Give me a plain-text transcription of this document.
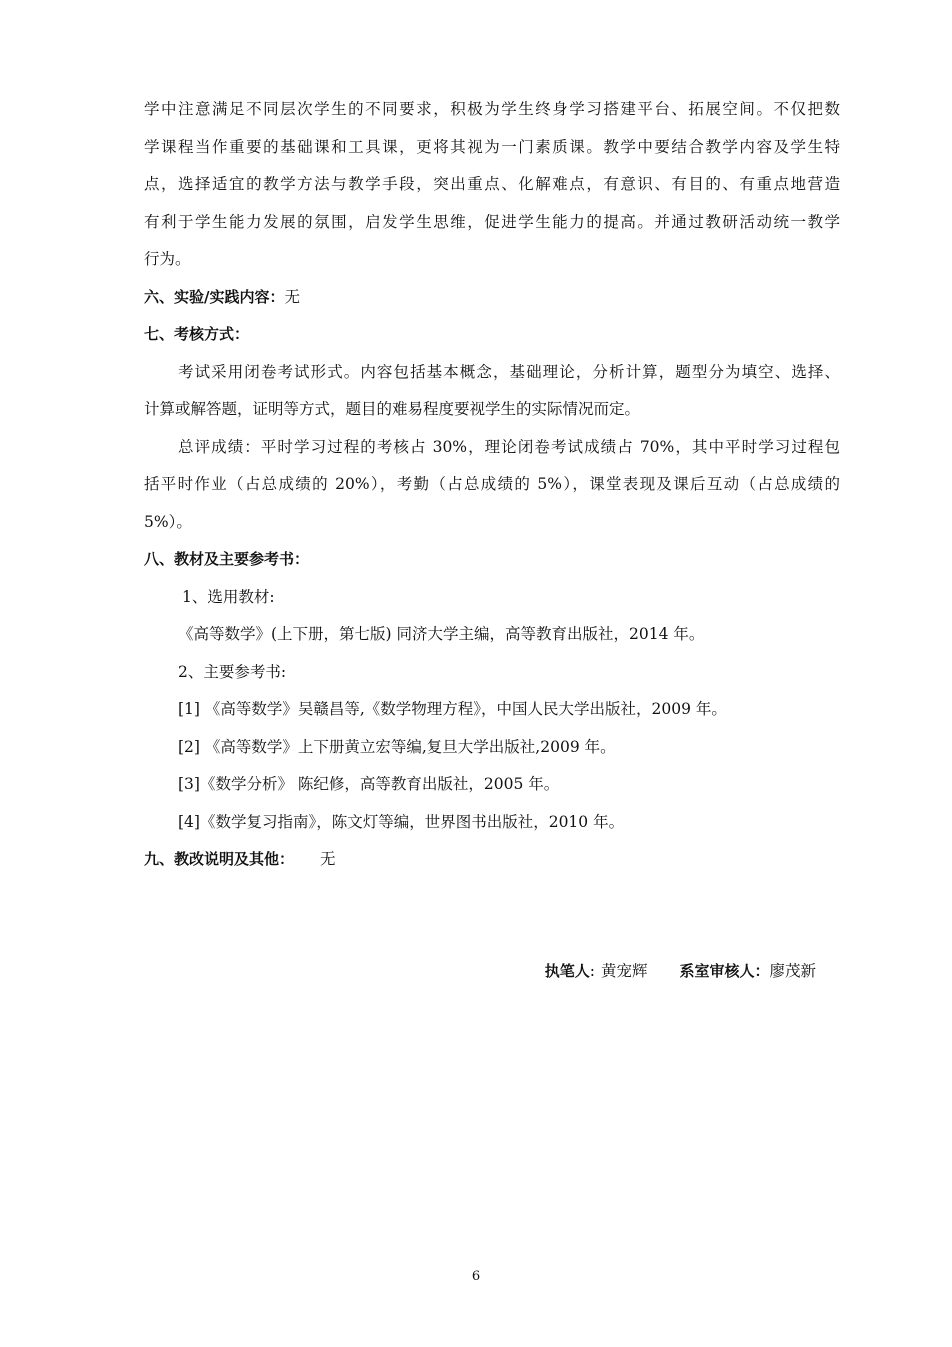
学中注意满足不同层次学生的不同要求，积极为学生终身学习搭建平台、拓展空间。不仅把数
学课程当作重要的基础课和工具课，更将其视为一门素质课。教学中要结合教学内容及学生特
点，选择适宜的教学方法与教学手段，突出重点、化解难点，有意识、有目的、有重点地营造
有利于学生能力发展的氛围，启发学生思维，促进学生能力的提高。并通过教研活动统一教学
行为。
六、实验/实践内容：无
七、考核方式：
考试采用闭卷考试形式。内容包括基本概念，基础理论，分析计算，题型分为填空、选择、
计算或解答题，证明等方式，题目的难易程度要视学生的实际情况而定。
总评成绩：平时学习过程的考核占 30%，理论闭卷考试成绩占 70%，其中平时学习过程包
括平时作业（占总成绩的 20%），考勤（占总成绩的 5%），课堂表现及课后互动（占总成绩的
5%）。
八、教材及主要参考书：
1、选用教材:
《高等数学》(上下册，第七版) 同济大学主编，高等教育出版社，2014 年。
2、主要参考书:
[1] 《高等数学》吴赣昌等,《数学物理方程》，中国人民大学出版社，2009 年。
[2] 《高等数学》上下册黄立宏等编,复旦大学出版社,2009 年。
[3]《数学分析》 陈纪修，高等教育出版社，2005 年。
[4]《数学复习指南》，陈文灯等编，世界图书出版社，2010 年。
九、教改说明及其他： 无
执笔人: 黄宠辉 系室审核人：廖茂新
6
